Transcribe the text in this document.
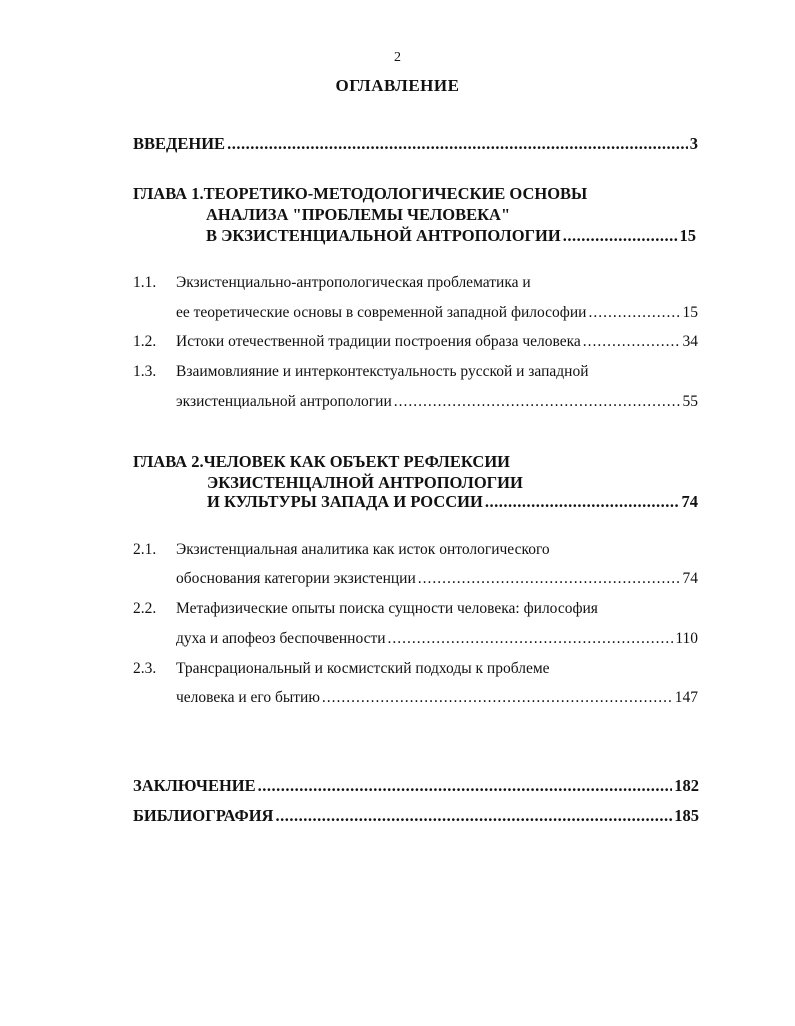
2
ОГЛАВЛЕНИЕ
ВВЕДЕНИЕ .....	3
ГЛАВА 1. ТЕОРЕТИКО-МЕТОДОЛОГИЧЕСКИЕ ОСНОВЫ
АНАЛИЗА "ПРОБЛЕМЫ ЧЕЛОВЕКА"
В ЭКЗИСТЕНЦИАЛЬНОЙ АНТРОПОЛОГИИ .....	15
1.1. Экзистенциально-антропологическая проблематика и
ее теоретические основы в современной западной философии .....	15
1.2. Истоки отечественной традиции построения образа человека .....	34
1.3. Взаимовлияние и интерконтекстуальность русской и западной
экзистенциальной антропологии .....	55
ГЛАВА 2. ЧЕЛОВЕК КАК ОБЪЕКТ РЕФЛЕКСИИ
ЭКЗИСТЕНЦАЛНОЙ АНТРОПОЛОГИИ
И КУЛЬТУРЫ ЗАПАДА И РОССИИ .....	74
2.1. Экзистенциальная аналитика как исток онтологического
обоснования категории экзистенции .....	74
2.2. Метафизические опыты поиска сущности человека: философия
духа и апофеоз беспочвенности .....	110
2.3. Трансрациональный и космистский подходы к проблеме
человека и его бытию .....	147
ЗАКЛЮЧЕНИЕ .....	182
БИБЛИОГРАФИЯ .....	185
